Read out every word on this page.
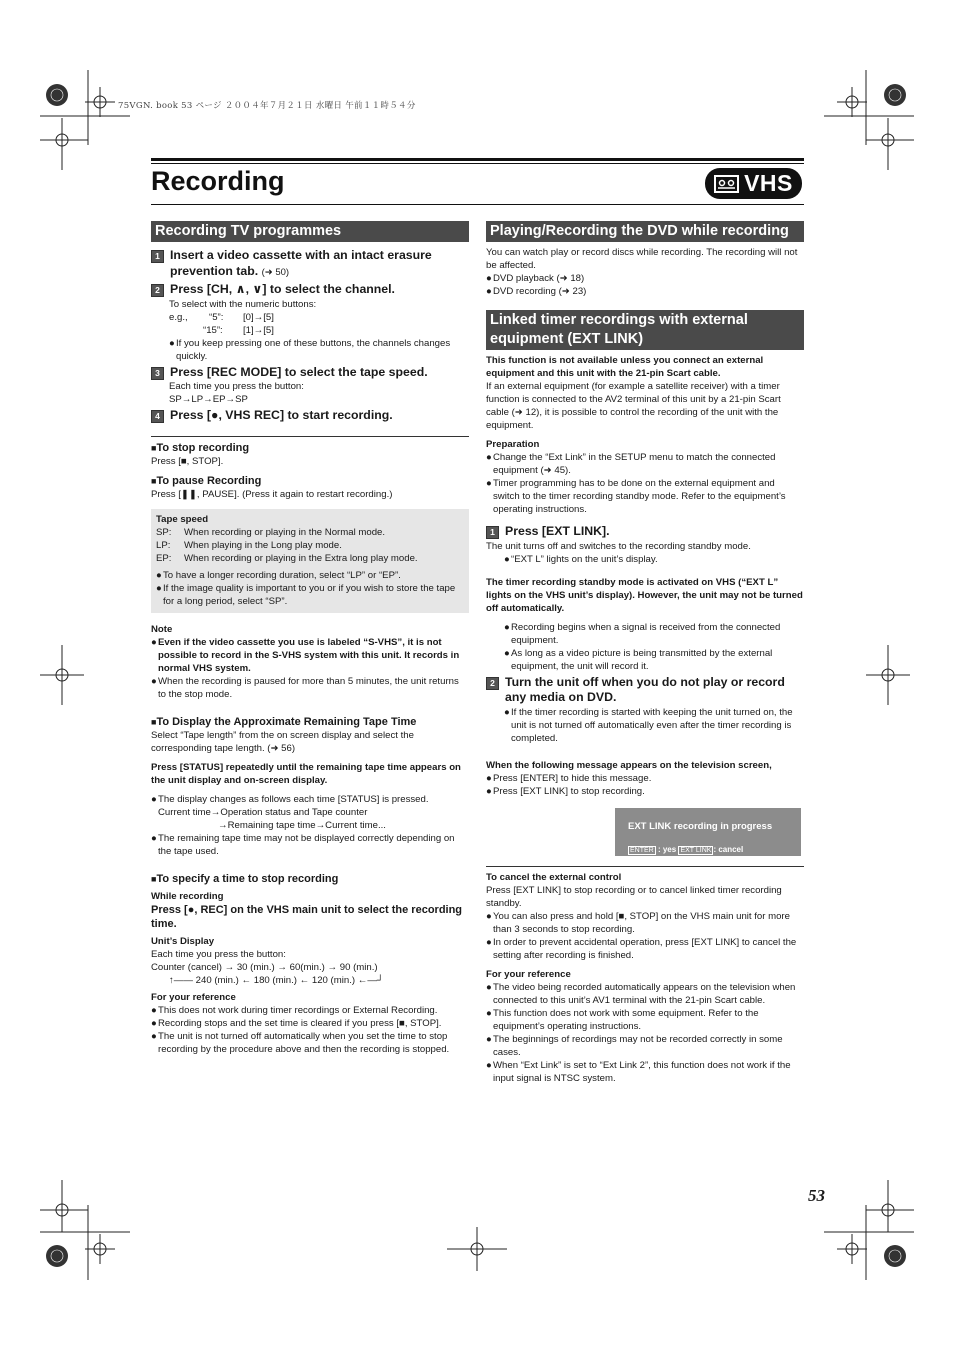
75VGN. book 53 ページ ２００４年７月２１日 水曜日 午前１１時５４分
Recording	VHS
Recording TV programmes
1 Insert a video cassette with an intact erasure prevention tab. (➜ 50)
2 Press [CH, ∧, ∨] to select the channel.

To select with the numeric buttons:

e.g.,	“5”:	[0]→[5]
“15”:	[1]→[5]
● If you keep pressing one of these buttons, the channels changes quickly.
3 Press [REC MODE] to select the tape speed.

Each time you press the button:

SP→LP→EP→SP

4 Press [●, VHS REC] to start recording.
■To stop recording

Press [■, STOP].

■To pause Recording

Press [❚❚, PAUSE]. (Press it again to restart recording.)

Tape speed
SP:	When recording or playing in the Normal mode.
LP:	When playing in the Long play mode.
EP:	When recording or playing in the Extra long play mode.
● To have a longer recording duration, select “LP” or “EP”.
● If the image quality is important to you or if you wish to store the tape for a long period, select “SP”.
Note
● Even if the video cassette you use is labeled “S-VHS”, it is not possible to record in the S-VHS system with this unit. It records in normal VHS system.
● When the recording is paused for more than 5 minutes, the unit returns to the stop mode.
■To Display the Approximate Remaining Tape Time

Select “Tape length” from the on screen display and select the corresponding tape length. (➜ 56)

Press [STATUS] repeatedly until the remaining tape time appears on the unit display and on-screen display.

● The display changes as follows each time [STATUS] is pressed.
Current time→Operation status and Tape counter
→Remaining tape time→Current time...
● The remaining tape time may not be displayed correctly depending on the tape used.
■To specify a time to stop recording
While recording
Press [●, REC] on the VHS main unit to select the recording time.
Unit’s Display

Each time you press the button:

Counter (cancel) → 30 (min.) → 60(min.) → 90 (min.)

↑—— 240 (min.) ← 180 (min.) ← 120 (min.) ←—┘

For your reference
● This does not work during timer recordings or External Recording.
● Recording stops and the set time is cleared if you press [■, STOP].
● The unit is not turned off automatically when you set the time to stop recording by the procedure above and then the recording is stopped.
Playing/Recording the DVD while recording

You can watch play or record discs while recording. The recording will not be affected.

● DVD playback (➜ 18)
● DVD recording (➜ 23)
Linked timer recordings with external equipment (EXT LINK)

This function is not available unless you connect an external equipment and this unit with the 21-pin Scart cable.

If an external equipment (for example a satellite receiver) with a timer function is connected to the AV2 terminal of this unit by a 21-pin Scart cable (➜ 12), it is possible to control the recording of the unit with the equipment.

Preparation
● Change the “Ext Link” in the SETUP menu to match the connected equipment (➜ 45).
● Timer programming has to be done on the external equipment and switch to the timer recording standby mode. Refer to the equipment’s operating instructions.
1 Press [EXT LINK].

The unit turns off and switches to the recording standby mode.

● “EXT L” lights on the unit’s display.

The timer recording standby mode is activated on VHS (“EXT L” lights on the VHS unit’s display). However, the unit may not be turned off automatically.

● Recording begins when a signal is received from the connected equipment.
● As long as a video picture is being transmitted by the external equipment, the unit will record it.
2 Turn the unit off when you do not play or record any media on DVD.
● If the timer recording is started with keeping the unit turned on, the unit is not turned off automatically even after the timer recording is completed.

When the following message appears on the television screen,

● Press [ENTER] to hide this message.
● Press [EXT LINK] to stop recording.
EXT LINK recording in progress
ENTER : yes EXT LINK : cancel
To cancel the external control

Press [EXT LINK] to stop recording or to cancel linked timer recording standby.

● You can also press and hold [■, STOP] on the VHS main unit for more than 3 seconds to stop recording.
● In order to prevent accidental operation, press [EXT LINK] to cancel the setting after recording is finished.
For your reference
● The video being recorded automatically appears on the television when connected to this unit’s AV1 terminal with the 21-pin Scart cable.
● This function does not work with some equipment. Refer to the equipment’s operating instructions.
● The beginnings of recordings may not be recorded correctly in some cases.
● When “Ext Link” is set to “Ext Link 2”, this function does not work if the input signal is NTSC system.
53
